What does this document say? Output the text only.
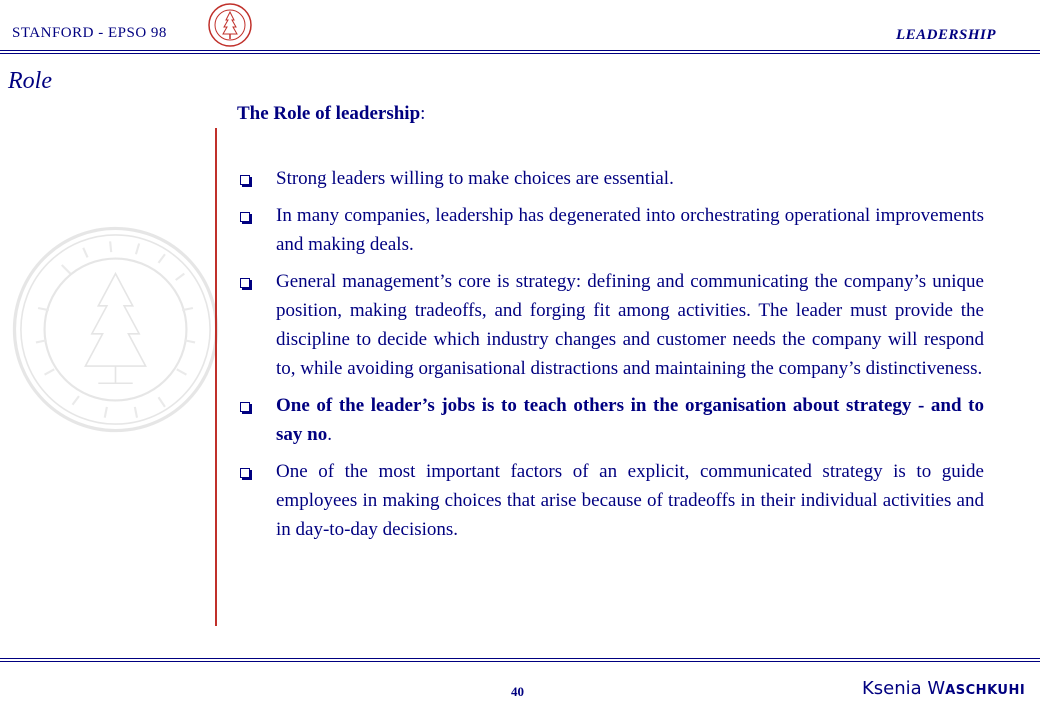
STANFORD - EPSO 98	LEADERSHIP
Role
The Role of leadership:
Strong leaders willing to make choices are essential.
In many companies, leadership has degenerated into orchestrating operational improvements and making deals.
General management’s core is strategy: defining and communicating the company’s unique position, making tradeoffs, and forging fit among activities. The leader must provide the discipline to decide which industry changes and customer needs the company will respond to, while avoiding organisational distractions and maintaining the company’s distinctiveness.
One of the leader’s jobs is to teach others in the organisation about strategy - and to say no.
One of the most important factors of an explicit, communicated strategy is to guide employees in making choices that arise because of tradeoffs in their individual activities and in day-to-day decisions.
40	Ksenia WASCHKUHI
